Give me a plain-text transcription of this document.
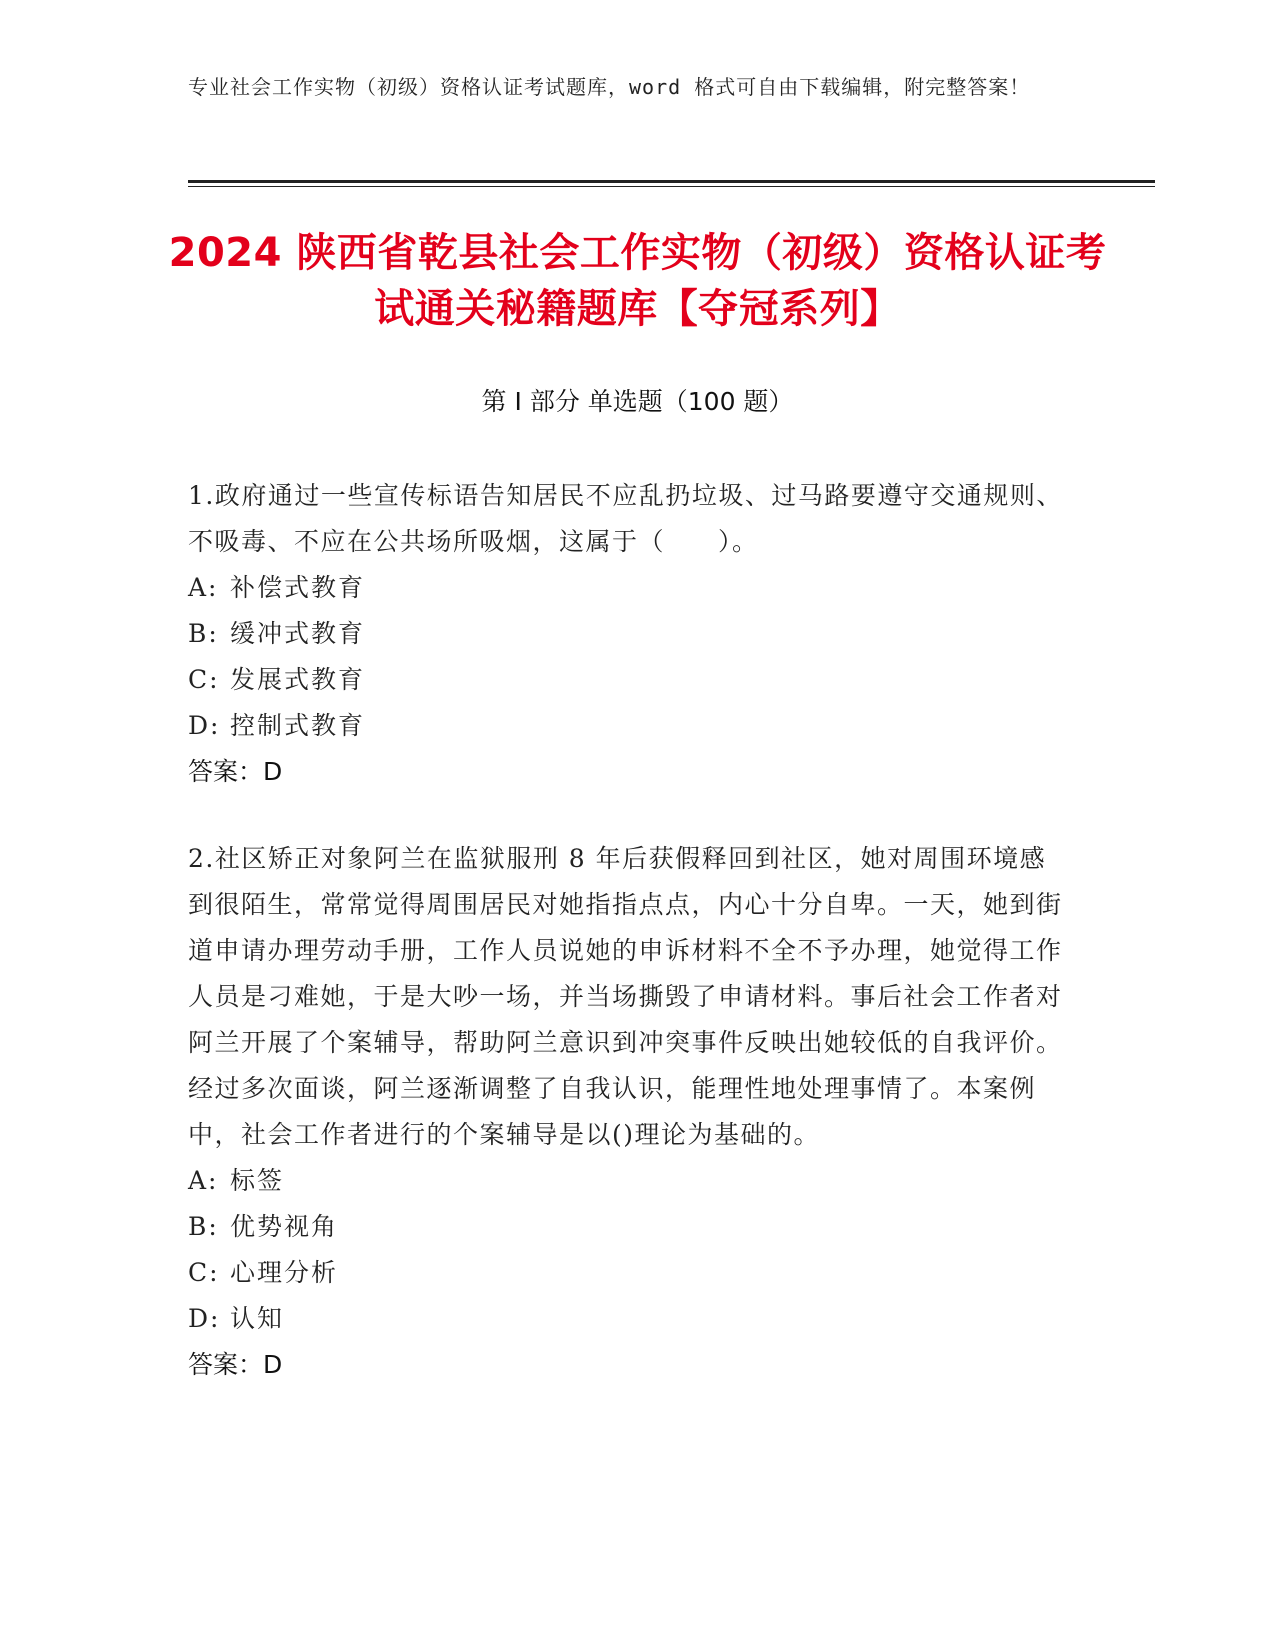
专业社会工作实物（初级）资格认证考试题库，word 格式可自由下载编辑，附完整答案！
2024 陕西省乾县社会工作实物（初级）资格认证考试通关秘籍题库【夺冠系列】
第 I 部分 单选题（100 题）
1.政府通过一些宣传标语告知居民不应乱扔垃圾、过马路要遵守交通规则、不吸毒、不应在公共场所吸烟，这属于（　　）。
A: 补偿式教育
B: 缓冲式教育
C: 发展式教育
D: 控制式教育
答案：D
2.社区矫正对象阿兰在监狱服刑 8 年后获假释回到社区，她对周围环境感到很陌生，常常觉得周围居民对她指指点点，内心十分自卑。一天，她到街道申请办理劳动手册，工作人员说她的申诉材料不全不予办理，她觉得工作人员是刁难她，于是大吵一场，并当场撕毁了申请材料。事后社会工作者对阿兰开展了个案辅导，帮助阿兰意识到冲突事件反映出她较低的自我评价。经过多次面谈，阿兰逐渐调整了自我认识，能理性地处理事情了。本案例中，社会工作者进行的个案辅导是以()理论为基础的。
A: 标签
B: 优势视角
C: 心理分析
D: 认知
答案：D
